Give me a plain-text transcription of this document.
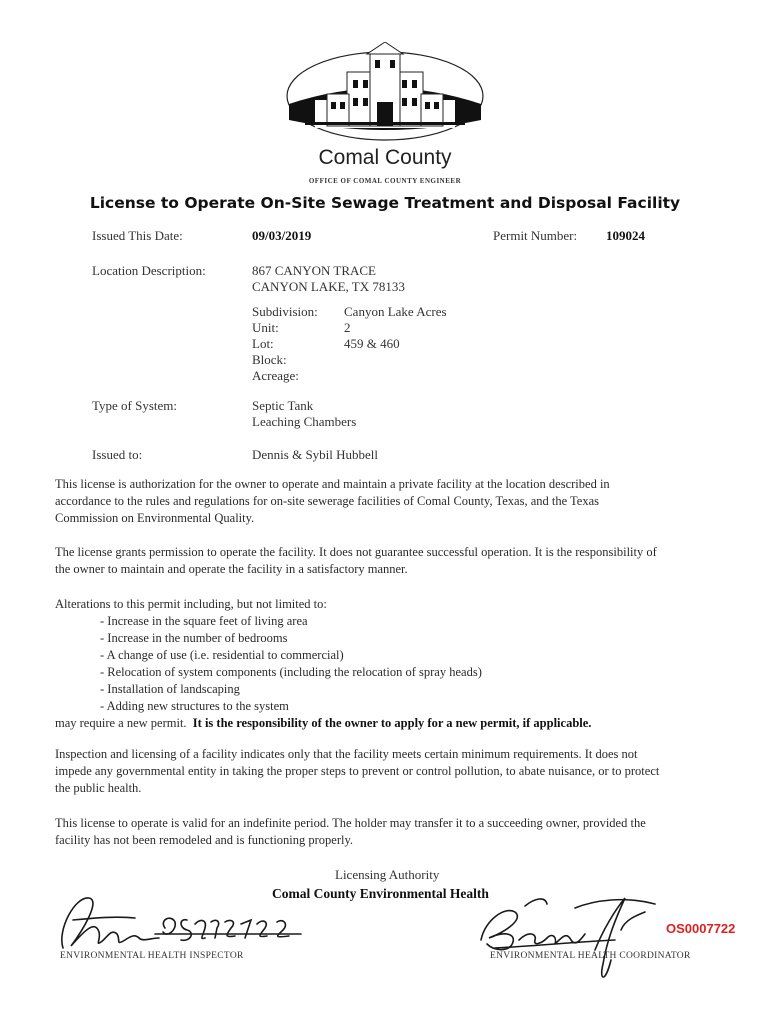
Comal County
OFFICE OF COMAL COUNTY ENGINEER
License to Operate On-Site Sewage Treatment and Disposal Facility
Issued This Date:	09/03/2019	Permit Number: 109024
Location Description:	867 CANYON TRACE
CANYON LAKE, TX 78133
Subdivision: Canyon Lake Acres
Unit:	2
Lot:	459 & 460
Block:
Acreage:
Type of System:	Septic Tank
Leaching Chambers
Issued to:	Dennis & Sybil Hubbell

This license is authorization for the owner to operate and maintain a private facility at the location described in accordance to the rules and regulations for on-site sewerage facilities of Comal County, Texas, and the Texas Commission on Environmental Quality.

The license grants permission to operate the facility. It does not guarantee successful operation. It is the responsibility of the owner to maintain and operate the facility in a satisfactory manner.

Alterations to this permit including, but not limited to:

- Increase in the square feet of living area
- Increase in the number of bedrooms
- A change of use (i.e. residential to commercial)
- Relocation of system components (including the relocation of spray heads)
- Installation of landscaping
- Adding new structures to the system

may require a new permit. It is the responsibility of the owner to apply for a new permit, if applicable.

Inspection and licensing of a facility indicates only that the facility meets certain minimum requirements. It does not impede any governmental entity in taking the proper steps to prevent or control pollution, to abate nuisance, or to protect the public health.

This license to operate is valid for an indefinite period. The holder may transfer it to a succeeding owner, provided the facility has not been remodeled and is functioning properly.

Licensing Authority
Comal County Environmental Health
ENVIRONMENTAL HEALTH INSPECTOR
OS0007722
ENVIRONMENTAL HEALTH COORDINATOR
